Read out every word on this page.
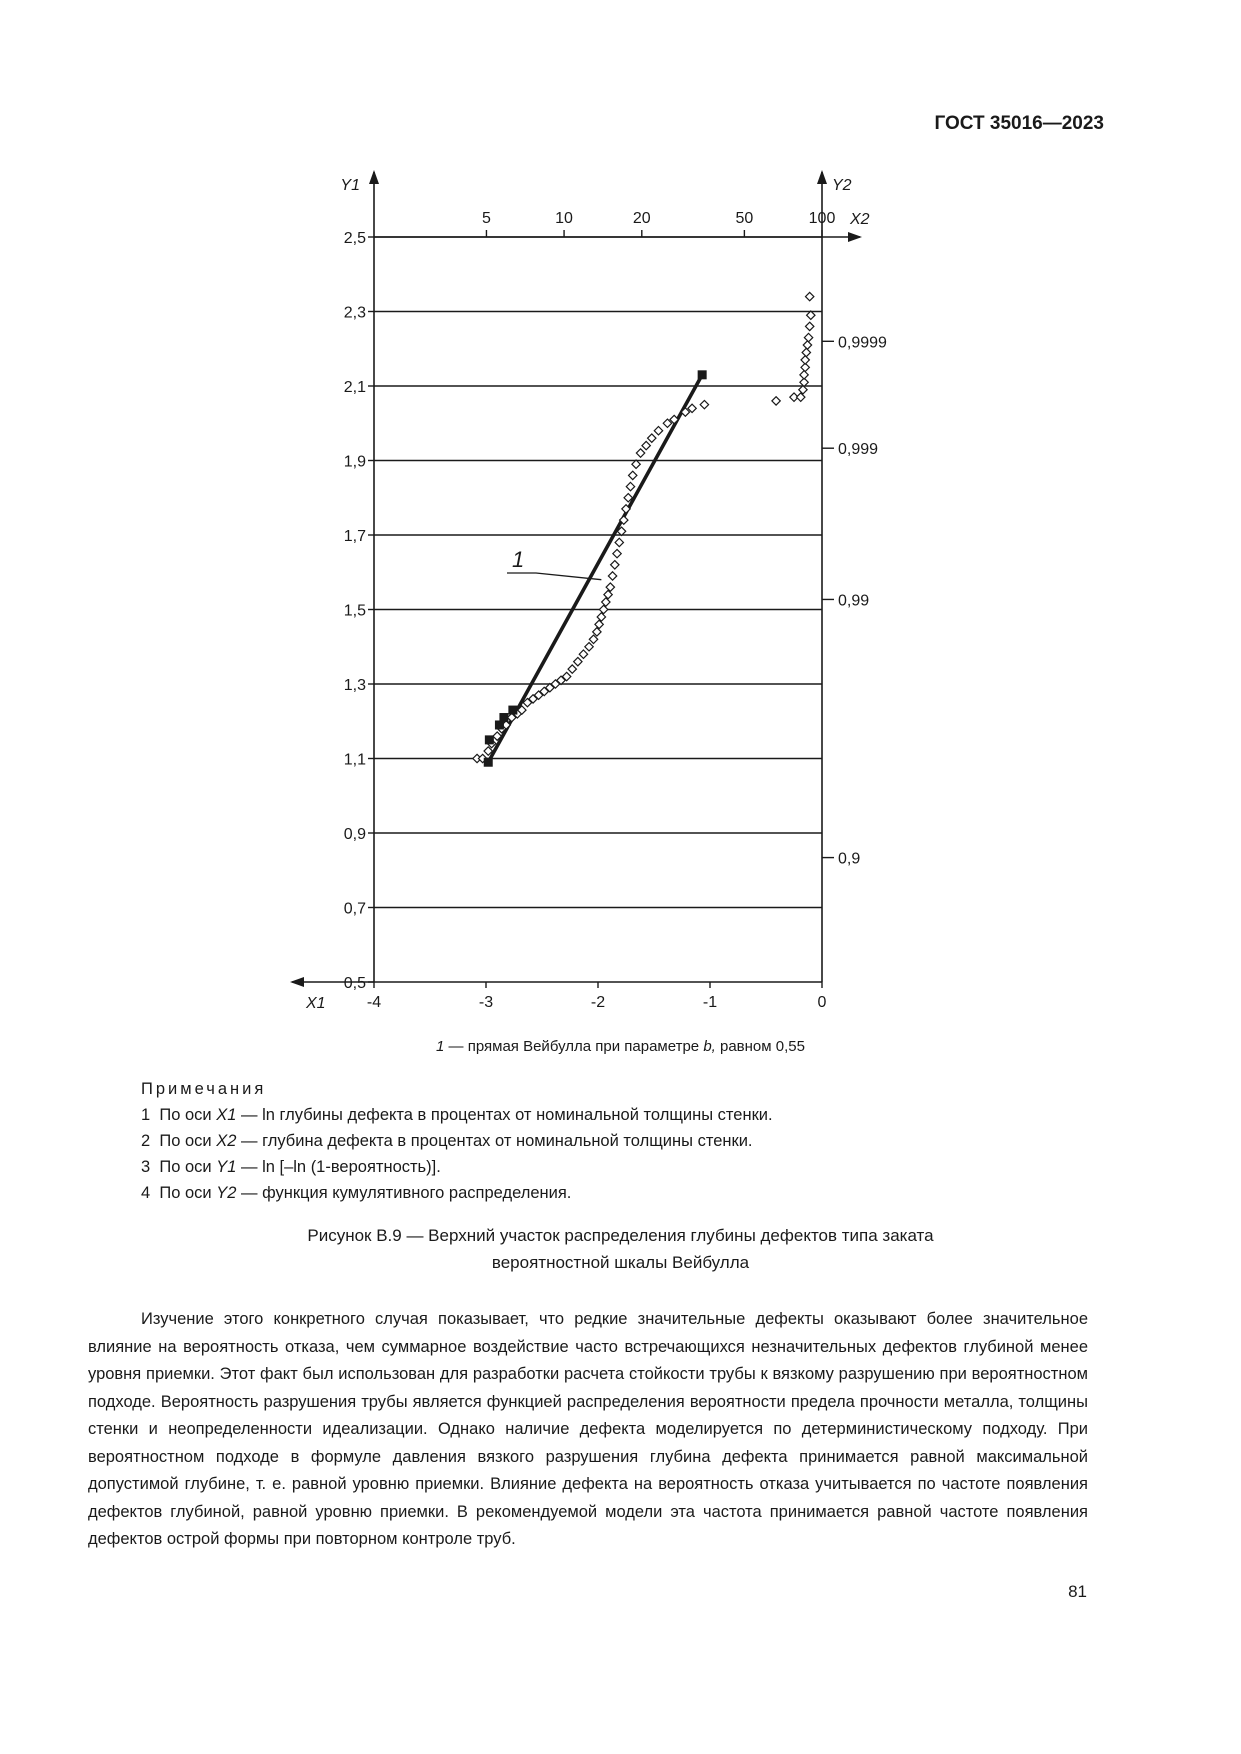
ГОСТ 35016—2023
0,5
0,7
0,9
1,1
1,3
1,5
1,7
1,9
2,1
2,3
2,5
-4	-3	-2	-1	0
5	10	20	50	100
0,9
0,99
0,999
0,9999
Y1	Y2
X2
X1
1
1 — прямая Вейбулла при параметре b, равном 0,55
Примечания
1 По оси X1 — ln глубины дефекта в процентах от номинальной толщины стенки.
2 По оси X2 — глубина дефекта в процентах от номинальной толщины стенки.
3 По оси Y1 — ln [–ln (1-вероятность)].
4 По оси Y2 — функция кумулятивного распределения.
Рисунок В.9 — Верхний участок распределения глубины дефектов типа заката
вероятностной шкалы Вейбулла

Изучение этого конкретного случая показывает, что редкие значительные дефекты оказывают более значительное влияние на вероятность отказа, чем суммарное воздействие часто встречающихся незначительных дефектов глубиной менее уровня приемки. Этот факт был использован для разработки расчета стойкости трубы к вязкому разрушению при вероятностном подходе. Вероятность разрушения трубы является функцией распределения вероятности предела прочности металла, толщины стенки и неопределенности идеализации. Однако наличие дефекта моделируется по детерминистическому подходу. При вероятностном подходе в формуле давления вязкого разрушения глубина дефекта принимается равной максимальной допустимой глубине, т. е. равной уровню приемки. Влияние дефекта на вероятность отказа учитывается по частоте появления дефектов глубиной, равной уровню приемки. В рекомендуемой модели эта частота принимается равной частоте появления дефектов острой формы при повторном контроле труб.

81
